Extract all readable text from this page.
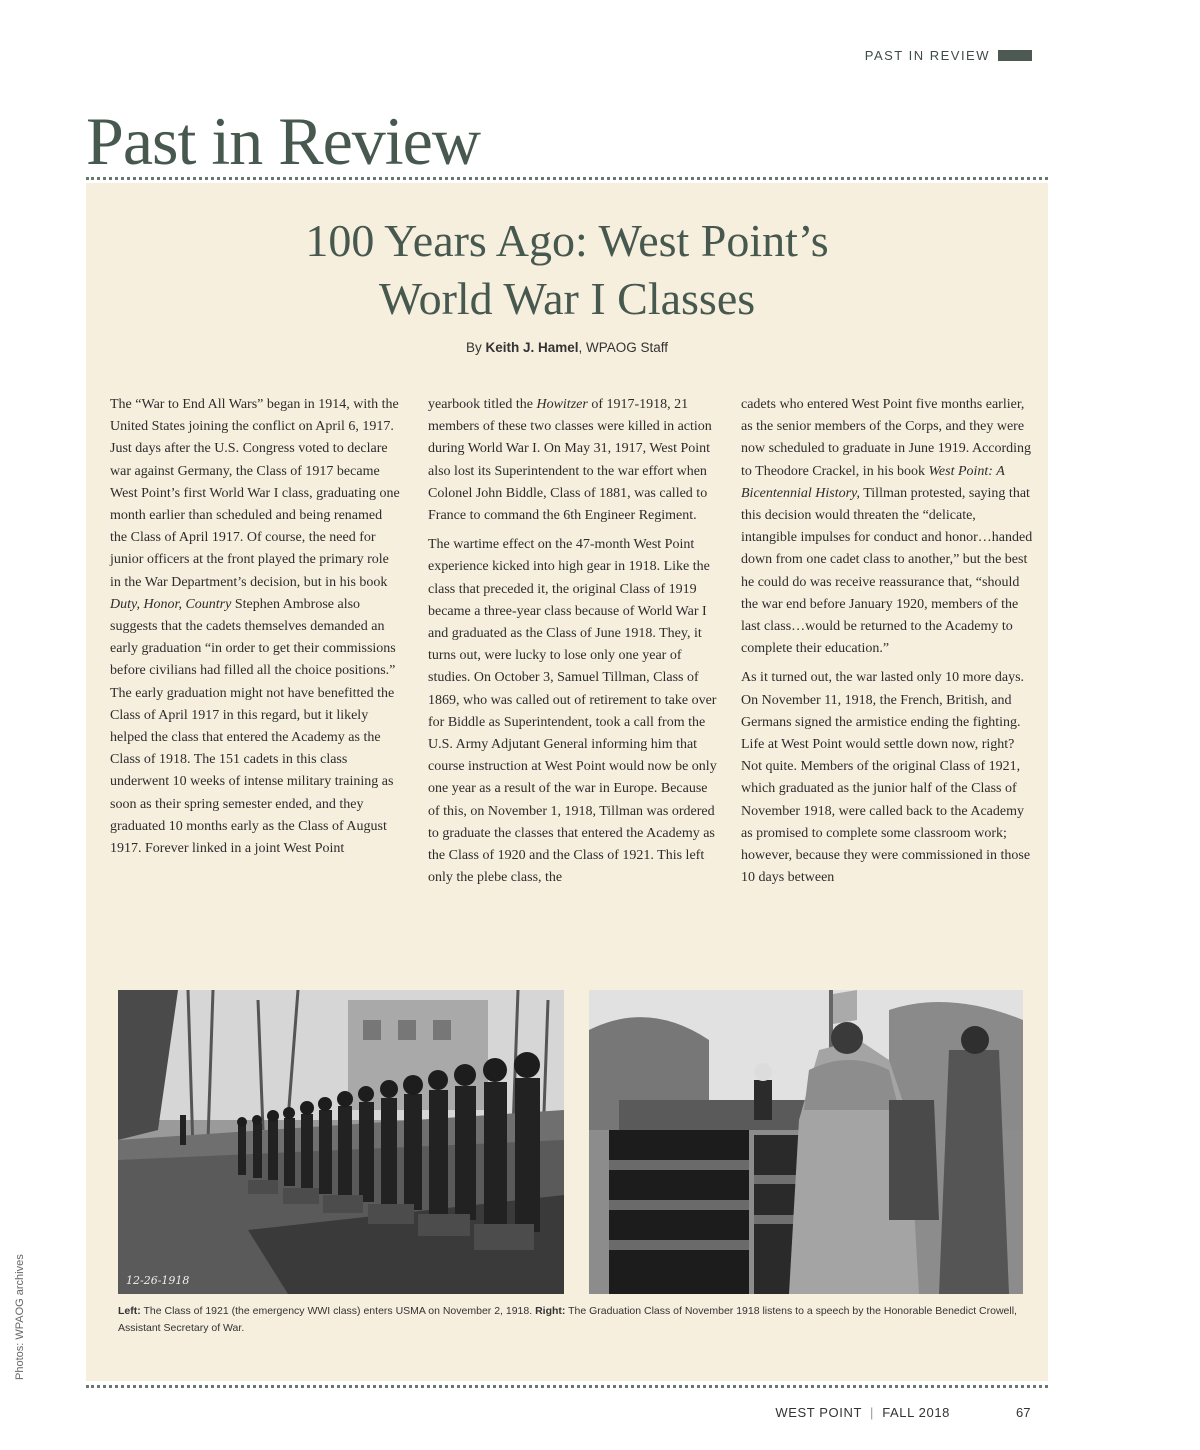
PAST IN REVIEW
Past in Review
100 Years Ago: West Point’s
World War I Classes
By Keith J. Hamel, WPAOG Staff

The “War to End All Wars” began in 1914, with the United States joining the conflict on April 6, 1917. Just days after the U.S. Congress voted to declare war against Germany, the Class of 1917 became West Point’s first World War I class, graduating one month earlier than scheduled and being renamed the Class of April 1917. Of course, the need for junior officers at the front played the primary role in the War Department’s decision, but in his book Duty, Honor, Country Stephen Ambrose also suggests that the cadets themselves demanded an early graduation “in order to get their commissions before civilians had filled all the choice positions.” The early graduation might not have benefitted the Class of April 1917 in this regard, but it likely helped the class that entered the Academy as the Class of 1918. The 151 cadets in this class underwent 10 weeks of intense military training as soon as their spring semester ended, and they graduated 10 months early as the Class of August 1917. Forever linked in a joint West Point

yearbook titled the Howitzer of 1917-1918, 21 members of these two classes were killed in action during World War I. On May 31, 1917, West Point also lost its Superintendent to the war effort when Colonel John Biddle, Class of 1881, was called to France to command the 6th Engineer Regiment.

The wartime effect on the 47-month West Point experience kicked into high gear in 1918. Like the class that preceded it, the original Class of 1919 became a three-year class because of World War I and graduated as the Class of June 1918. They, it turns out, were lucky to lose only one year of studies. On October 3, Samuel Tillman, Class of 1869, who was called out of retirement to take over for Biddle as Superintendent, took a call from the U.S. Army Adjutant General informing him that course instruction at West Point would now be only one year as a result of the war in Europe. Because of this, on November 1, 1918, Tillman was ordered to graduate the classes that entered the Academy as the Class of 1920 and the Class of 1921. This left only the plebe class, the

cadets who entered West Point five months earlier, as the senior members of the Corps, and they were now scheduled to graduate in June 1919. According to Theodore Crackel, in his book West Point: A Bicentennial History, Tillman protested, saying that this decision would threaten the “delicate, intangible impulses for conduct and honor…handed down from one cadet class to another,” but the best he could do was receive reassurance that, “should the war end before January 1920, members of the last class…would be returned to the Academy to complete their education.”

As it turned out, the war lasted only 10 more days. On November 11, 1918, the French, British, and Germans signed the armistice ending the fighting. Life at West Point would settle down now, right? Not quite. Members of the original Class of 1921, which graduated as the junior half of the Class of November 1918, were called back to the Academy as promised to complete some classroom work; however, because they were commissioned in those 10 days between

12-26-1918
Left: The Class of 1921 (the emergency WWI class) enters USMA on November 2, 1918. Right: The Graduation Class of November 1918 listens to a speech by the Honorable Benedict Crowell, Assistant Secretary of War.
Photos: WPAOG archives
WEST POINT | FALL 2018	67
